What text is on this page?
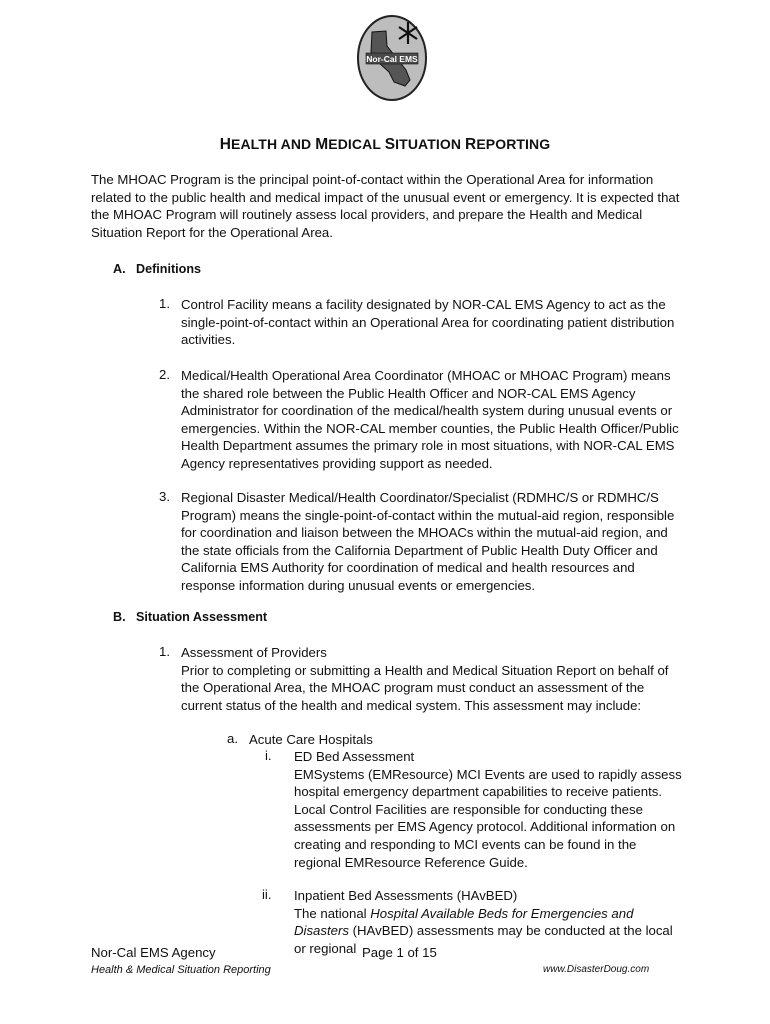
Nor-Cal EMS
HEALTH AND MEDICAL SITUATION REPORTING
The MHOAC Program is the principal point-of-contact within the Operational Area for information related to the public health and medical impact of the unusual event or emergency. It is expected that the MHOAC Program will routinely assess local providers, and prepare the Health and Medical Situation Report for the Operational Area.
A. Definitions
1. Control Facility means a facility designated by NOR-CAL EMS Agency to act as the single-point-of-contact within an Operational Area for coordinating patient distribution activities.
2. Medical/Health Operational Area Coordinator (MHOAC or MHOAC Program) means the shared role between the Public Health Officer and NOR-CAL EMS Agency Administrator for coordination of the medical/health system during unusual events or emergencies. Within the NOR-CAL member counties, the Public Health Officer/Public Health Department assumes the primary role in most situations, with NOR-CAL EMS Agency representatives providing support as needed.
3. Regional Disaster Medical/Health Coordinator/Specialist (RDMHC/S or RDMHC/S Program) means the single-point-of-contact within the mutual-aid region, responsible for coordination and liaison between the MHOACs within the mutual-aid region, and the state officials from the California Department of Public Health Duty Officer and California EMS Authority for coordination of medical and health resources and response information during unusual events or emergencies.
B. Situation Assessment
1. Assessment of Providers
Prior to completing or submitting a Health and Medical Situation Report on behalf of the Operational Area, the MHOAC program must conduct an assessment of the current status of the health and medical system. This assessment may include:
a. Acute Care Hospitals
i. ED Bed Assessment
EMSystems (EMResource) MCI Events are used to rapidly assess hospital emergency department capabilities to receive patients. Local Control Facilities are responsible for conducting these assessments per EMS Agency protocol. Additional information on creating and responding to MCI events can be found in the regional EMResource Reference Guide.
ii. Inpatient Bed Assessments (HAvBED)
The national Hospital Available Beds for Emergencies and Disasters (HAvBED) assessments may be conducted at the local or regional
Nor-Cal EMS Agency	Page 1 of 15
Health & Medical Situation Reporting	www.DisasterDoug.com
